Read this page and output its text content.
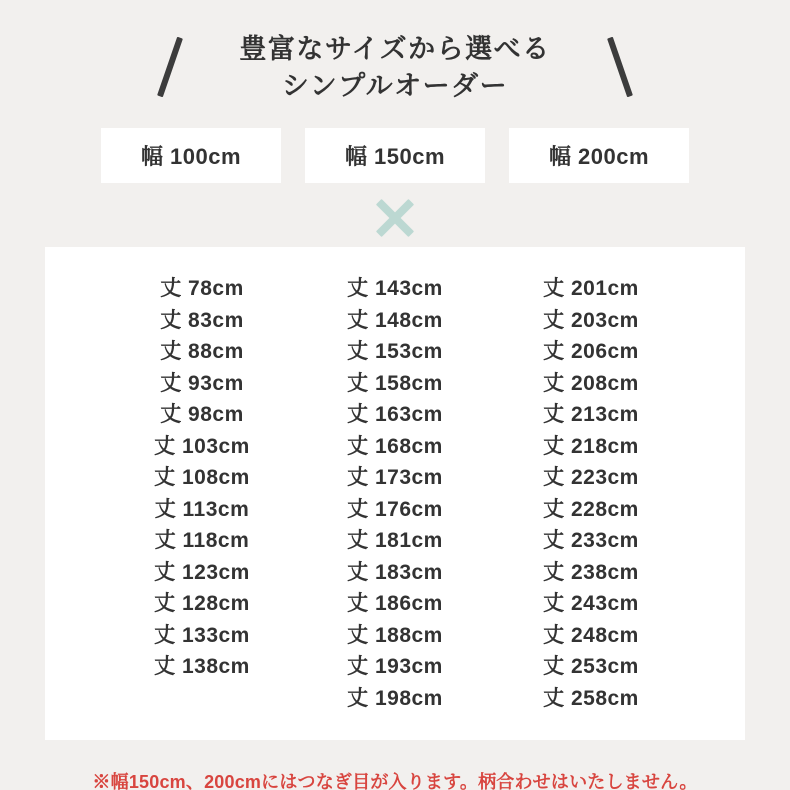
豊富なサイズから選べる
シンプルオーダー
幅 100cm	幅 150cm	幅 200cm
丈 78cm
丈 83cm
丈 88cm
丈 93cm
丈 98cm
丈 103cm
丈 108cm
丈 113cm
丈 118cm
丈 123cm
丈 128cm
丈 133cm
丈 138cm
丈 143cm
丈 148cm
丈 153cm
丈 158cm
丈 163cm
丈 168cm
丈 173cm
丈 176cm
丈 181cm
丈 183cm
丈 186cm
丈 188cm
丈 193cm
丈 198cm
丈 201cm
丈 203cm
丈 206cm
丈 208cm
丈 213cm
丈 218cm
丈 223cm
丈 228cm
丈 233cm
丈 238cm
丈 243cm
丈 248cm
丈 253cm
丈 258cm
※幅150cm、200cmにはつなぎ目が入ります。柄合わせはいたしません。
